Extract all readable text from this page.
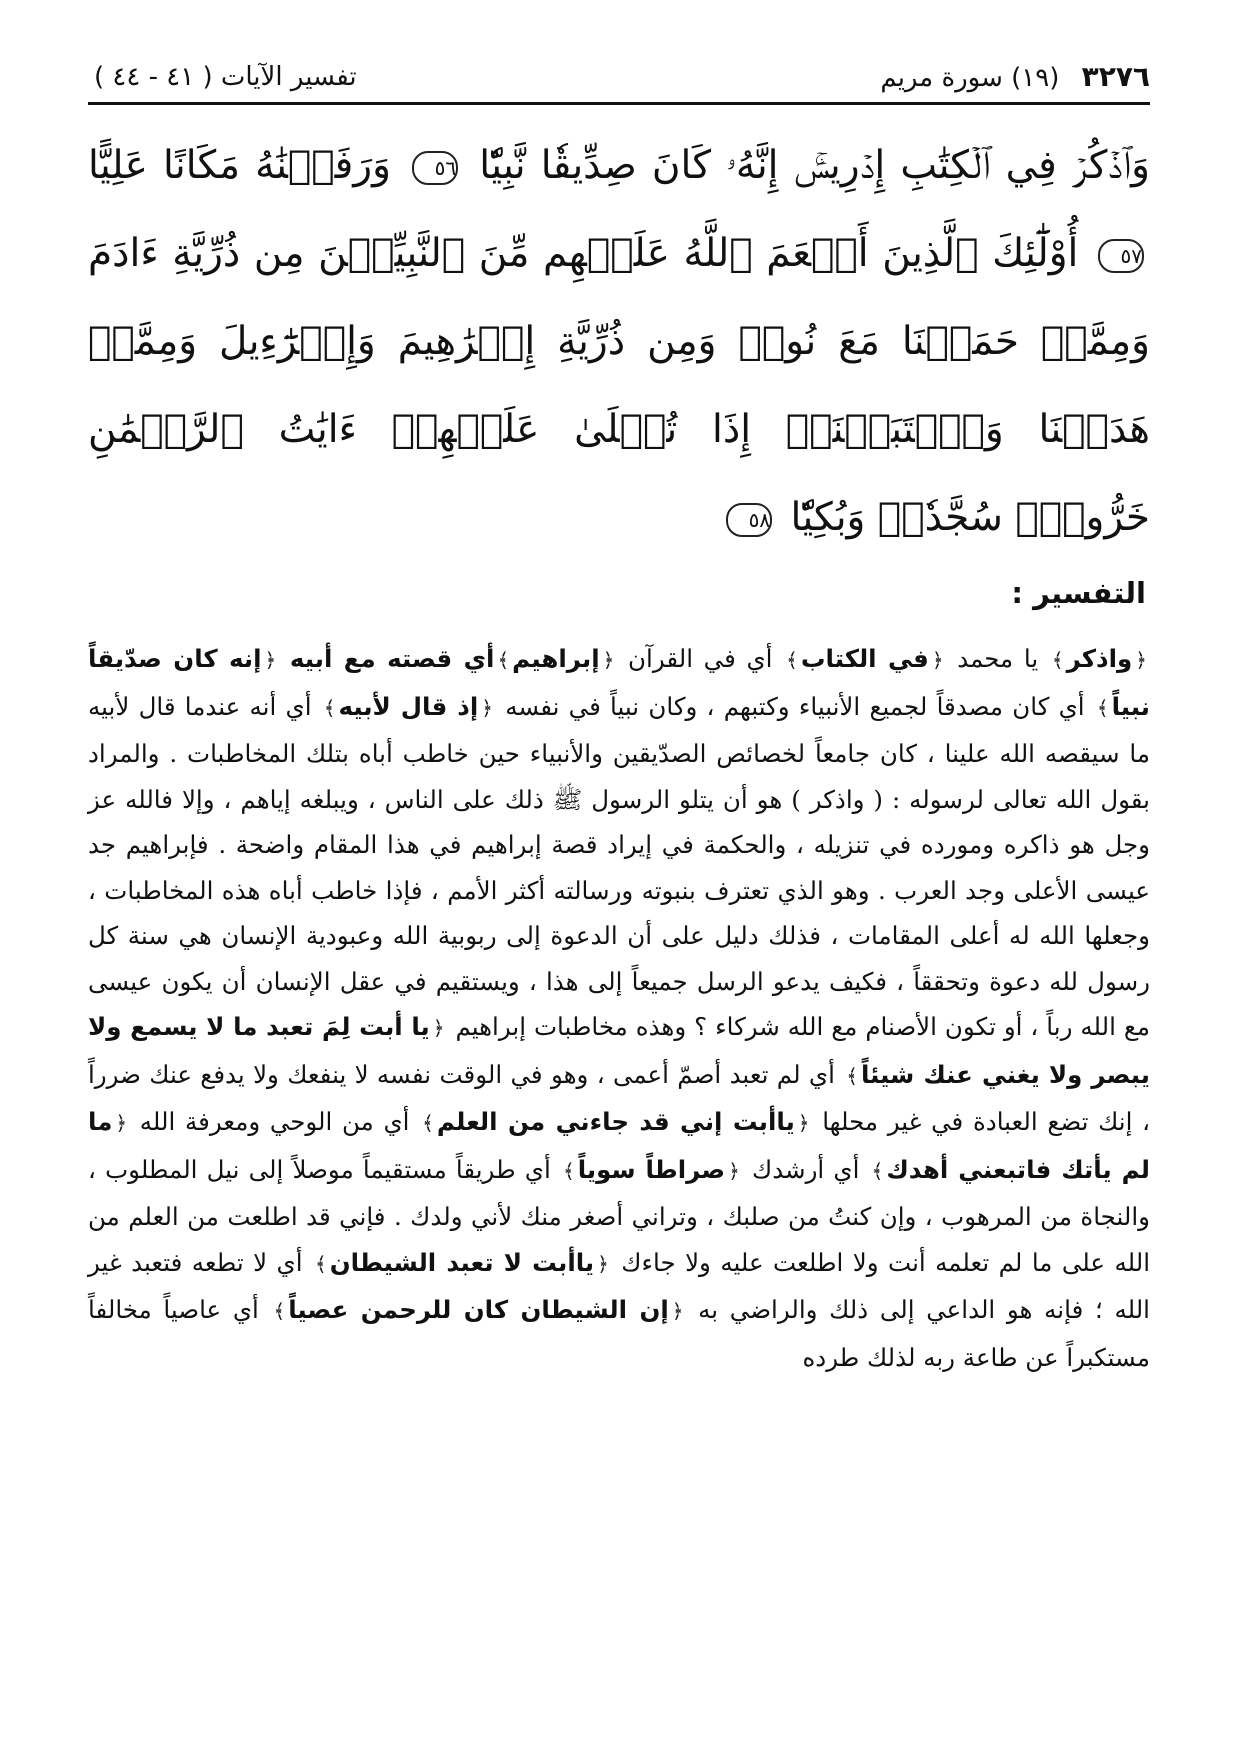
٣٢٧٦ (١٩) سورة مريم
تفسير الآيات ( ٤١ - ٤٤ )
وَٱذۡكُرۡ فِي ٱلۡكِتَٰبِ إِدۡرِيسَۚ إِنَّهُۥ كَانَ صِدِّيقٗا نَّبِيّٗا ٥٦ وَرَفَعۡنَٰهُ مَكَانًا عَلِيًّا ٥٧ أُوْلَٰٓئِكَ ٱلَّذِينَ أَنۡعَمَ ٱللَّهُ عَلَيۡهِم مِّنَ ٱلنَّبِيِّـۧنَ مِن ذُرِّيَّةِ ءَادَمَ وَمِمَّنۡ حَمَلۡنَا مَعَ نُوحٖ وَمِن ذُرِّيَّةِ إِبۡرَٰهِيمَ وَإِسۡرَٰٓءِيلَ وَمِمَّنۡ هَدَيۡنَا وَٱجۡتَبَيۡنَآۚ إِذَا تُتۡلَىٰ عَلَيۡهِمۡ ءَايَٰتُ ٱلرَّحۡمَٰنِ خَرُّواْۤ سُجَّدٗاۤ وَبُكِيّٗا ٥٨
التفسير :
﴿واذكر﴾ يا محمد ﴿في الكتاب﴾ أي في القرآن ﴿إبراهيم﴾أي قصته مع أبيه ﴿إنه كان صدّيقاً نبياً﴾ أي كان مصدقاً لجميع الأنبياء وكتبهم ، وكان نبياً في نفسه ﴿إذ قال لأبيه﴾ أي أنه عندما قال لأبيه ما سيقصه الله علينا ، كان جامعاً لخصائص الصدّيقين والأنبياء حين خاطب أباه بتلك المخاطبات . والمراد بقول الله تعالى لرسوله : ( واذكر ) هو أن يتلو الرسول ﷺ ذلك على الناس ، ويبلغه إياهم ، وإلا فالله عز وجل هو ذاكره ومورده في تنزيله ، والحكمة في إيراد قصة إبراهيم في هذا المقام واضحة . فإبراهيم جد عيسى الأعلى وجد العرب . وهو الذي تعترف بنبوته ورسالته أكثر الأمم ، فإذا خاطب أباه هذه المخاطبات ، وجعلها الله له أعلى المقامات ، فذلك دليل على أن الدعوة إلى ربوبية الله وعبودية الإنسان هي سنة كل رسول لله دعوة وتحققاً ، فكيف يدعو الرسل جميعاً إلى هذا ، ويستقيم في عقل الإنسان أن يكون عيسى مع الله رباً ، أو تكون الأصنام مع الله شركاء ؟ وهذه مخاطبات إبراهيم ﴿يا أبت لِمَ تعبد ما لا يسمع ولا يبصر ولا يغني عنك شيئاً﴾ أي لم تعبد أصمّ أعمى ، وهو في الوقت نفسه لا ينفعك ولا يدفع عنك ضرراً ، إنك تضع العبادة في غير محلها ﴿ياأبت إني قد جاءني من العلم﴾ أي من الوحي ومعرفة الله ﴿ما لم يأتك فاتبعني أهدك﴾ أي أرشدك ﴿صراطاً سوياً﴾ أي طريقاً مستقيماً موصلاً إلى نيل المطلوب ، والنجاة من المرهوب ، وإن كنتُ من صلبك ، وتراني أصغر منك لأني ولدك . فإني قد اطلعت من العلم من الله على ما لم تعلمه أنت ولا اطلعت عليه ولا جاءك ﴿ياأبت لا تعبد الشيطان﴾ أي لا تطعه فتعبد غير الله ؛ فإنه هو الداعي إلى ذلك والراضي به ﴿إن الشيطان كان للرحمن عصياً﴾ أي عاصياً مخالفاً مستكبراً عن طاعة ربه لذلك طرده
